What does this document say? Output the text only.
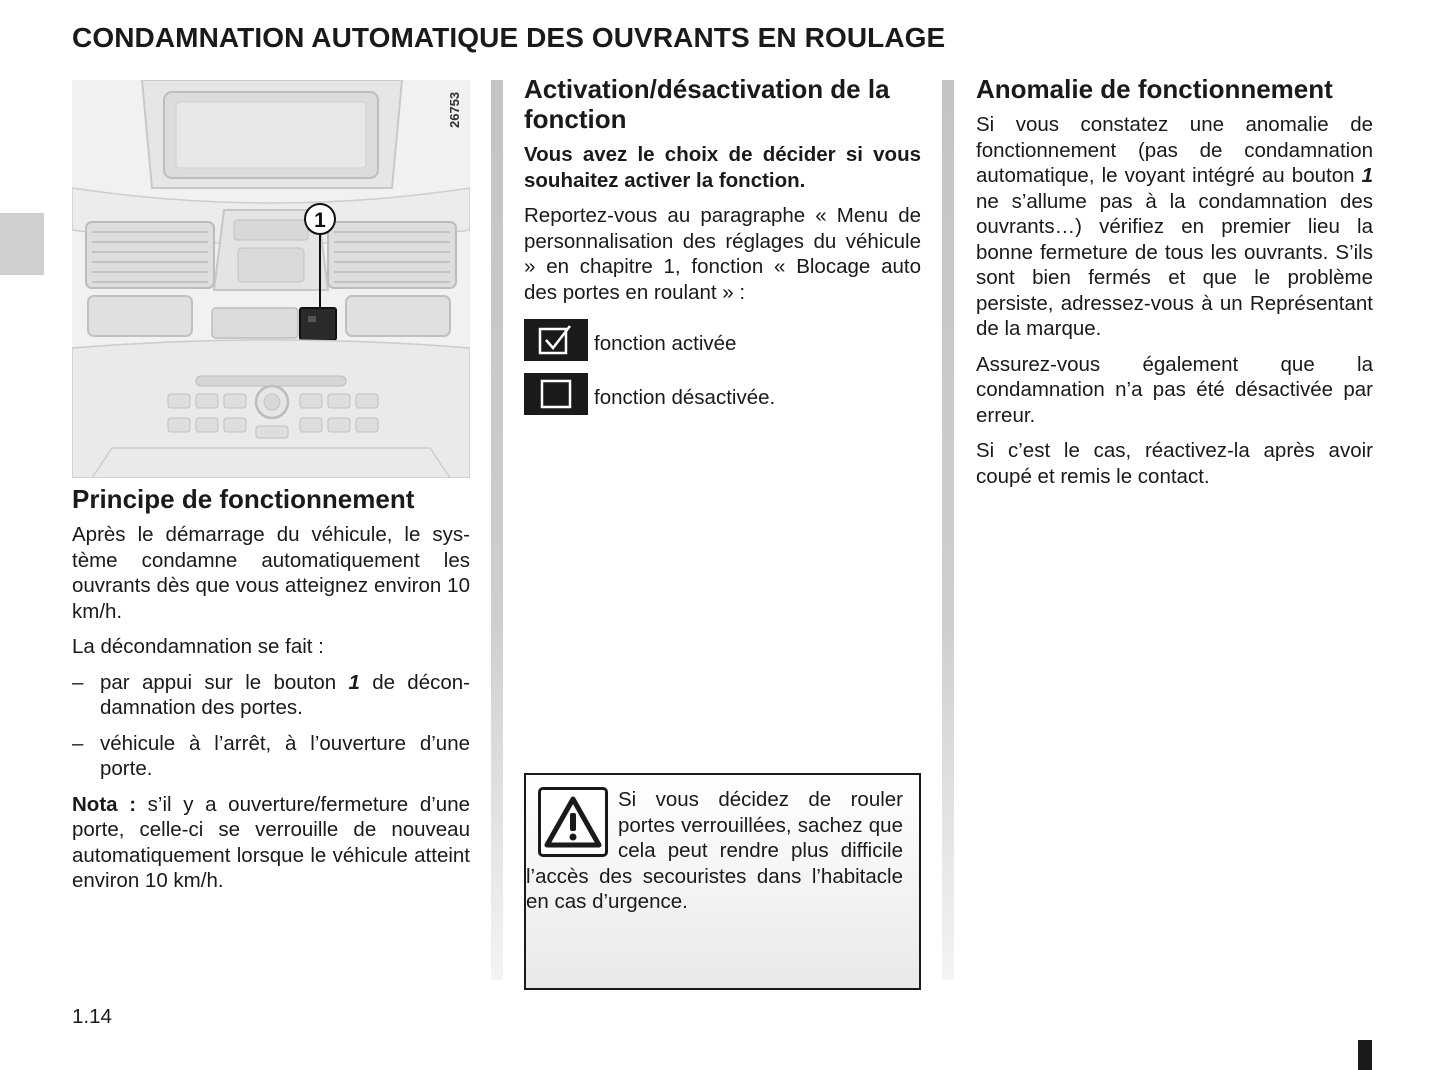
CONDAMNATION AUTOMATIQUE DES OUVRANTS EN ROULAGE
1
26753
Principe de fonctionnement

Après le démarrage du véhicule, le système condamne automatiquement les ouvrants dès que vous atteignez environ 10 km/h.

La décondamnation se fait :

– par appui sur le bouton 1 de décondamnation des portes.
– véhicule à l’arrêt, à l’ouverture d’une porte.

Nota : s’il y a ouverture/fermeture d’une porte, celle-ci se verrouille de nouveau automatiquement lorsque le véhicule atteint environ 10 km/h.

Activation/désactivation de la fonction

Vous avez le choix de décider si vous souhaitez activer la fonction.

Reportez-vous au paragraphe « Menu de personnalisation des réglages du véhicule » en chapitre 1, fonction « Blocage auto des portes en roulant » :

fonction activée
fonction désactivée.

Si vous décidez de rouler portes verrouillées, sachez que cela peut rendre plus difficile l’accès des secouristes dans l’habitacle en cas d’urgence.

Anomalie de fonctionnement

Si vous constatez une anomalie de fonctionnement (pas de condamnation automatique, le voyant intégré au bouton 1 ne s’allume pas à la condamnation des ouvrants…) vérifiez en premier lieu la bonne fermeture de tous les ouvrants. S’ils sont bien fermés et que le problème persiste, adressez-vous à un Représentant de la marque.

Assurez-vous également que la condamnation n’a pas été désactivée par erreur.

Si c’est le cas, réactivez-la après avoir coupé et remis le contact.

1.14
